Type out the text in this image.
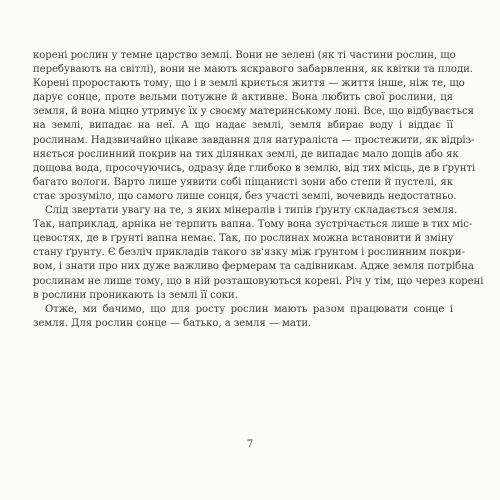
корені рослин у темне царство землі. Вони не зелені (як ті частини рослин, що
перебувають на світлі), вони не мають яскравого забарвлення, як квітки та плоди.
Корені проростають тому, що і в землі криється життя — життя інше, ніж те, що
дарує сонце, проте вельми потужне й активне. Вона любить свої рослини, ця
земля, й вона міцно утримує їх у своєму материнському лоні. Все, що відбувається
на землі, випадає на неї. А що надає землі, земля вбирає воду і віддає її
рослинам. Надзвичайно цікаве завдання для натураліста — простежити, як відріз-
няється рослинний покрив на тих ділянках землі, де випадає мало дощів або як
дощова вода, просочуючись, одразу йде глибоко в землю, від тих місць, де в ґрунті
багато вологи. Варто лише уявити собі піщанисті зони або степи й пустелі, як
стає зрозуміло, що самого лише сонця, без участі землі, вочевидь недостатньо.
Слід звертати увагу на те, з яких мінералів і типів ґрунту складається земля.
Так, наприклад, арніка не терпить вапна. Тому вона зустрічається лише в тих міс-
цевостях, де в ґрунті вапна немає. Так, по рослинах можна встановити й зміну
стану ґрунту. Є безліч прикладів такого зв'язку між ґрунтом і рослинним покри-
вом, і знати про них дуже важливо фермерам та садівникам. Адже земля потрібна
рослинам не лише тому, що в ній розташовуються корені. Річ у тім, що через корені
в рослини проникають із землі її соки.
Отже, ми бачимо, що для росту рослин мають разом працювати сонце і
земля. Для рослин сонце — батько, а земля — мати.
7
